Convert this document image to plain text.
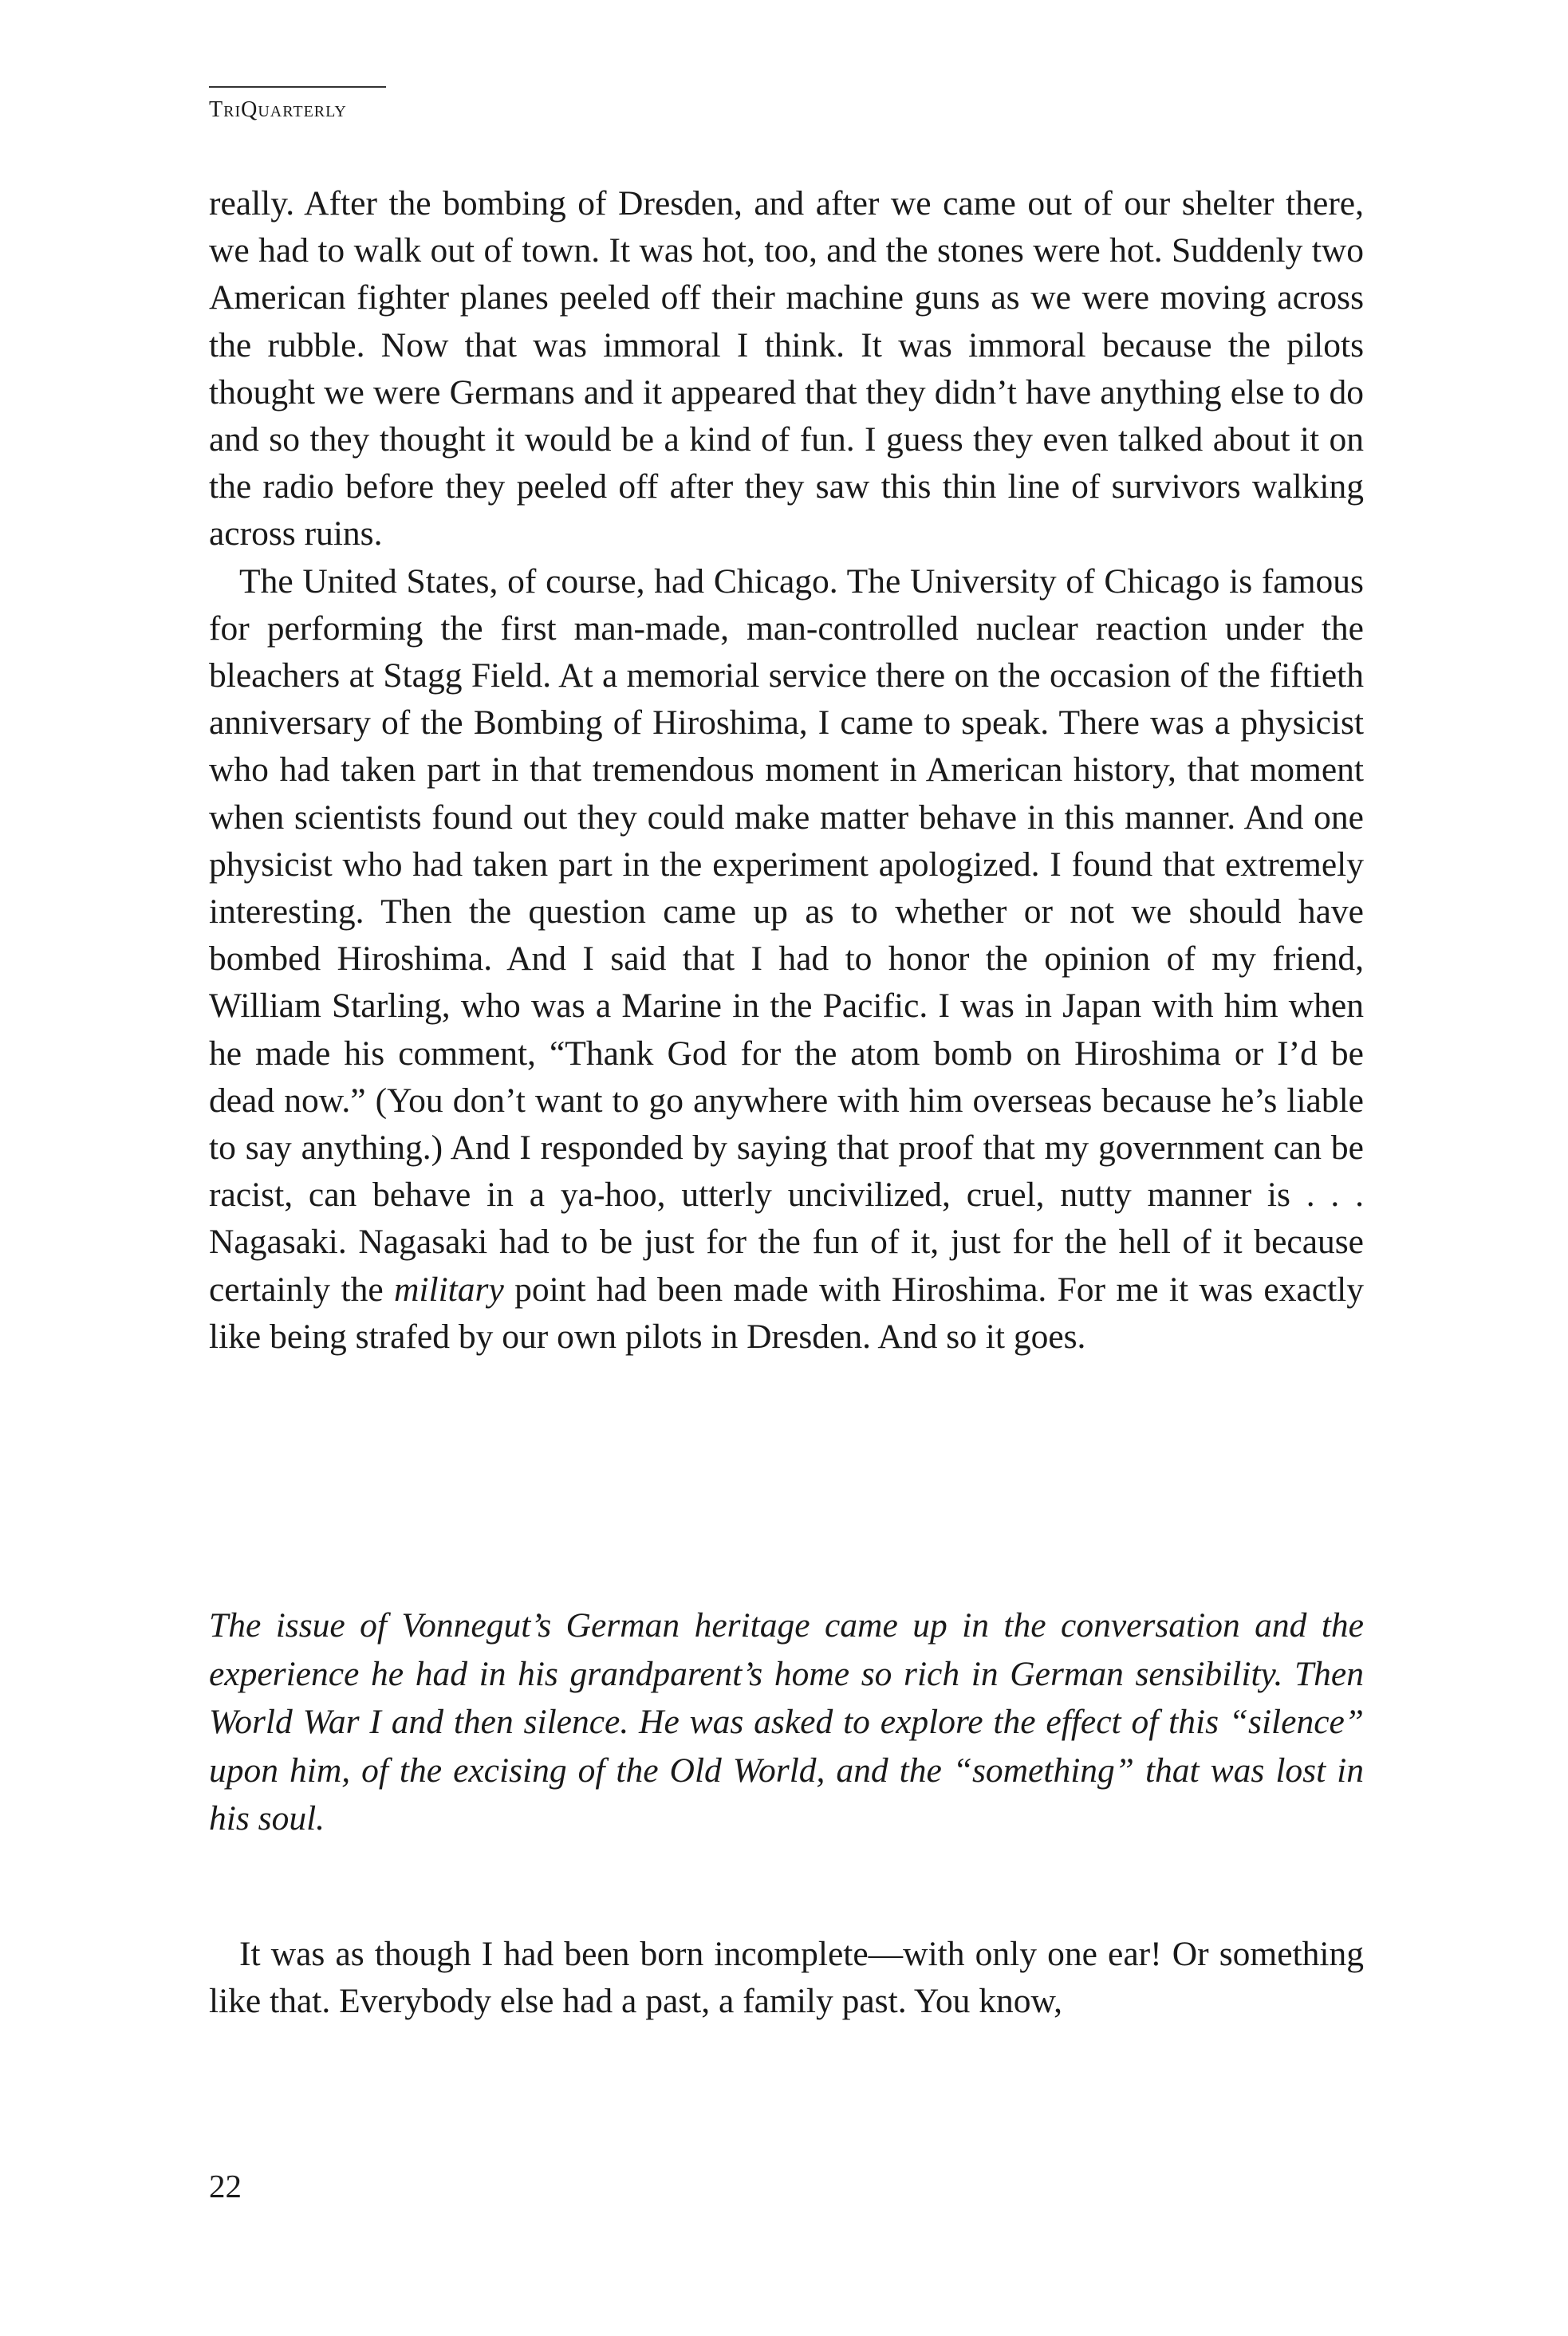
TriQuarterly

really. After the bombing of Dresden, and after we came out of our shelter there, we had to walk out of town. It was hot, too, and the stones were hot. Suddenly two American fighter planes peeled off their machine guns as we were moving across the rubble. Now that was immoral I think. It was immoral because the pilots thought we were Germans and it appeared that they didn’t have anything else to do and so they thought it would be a kind of fun. I guess they even talked about it on the radio before they peeled off after they saw this thin line of survivors walking across ruins.

The United States, of course, had Chicago. The University of Chicago is famous for performing the first man-made, man-controlled nuclear reaction under the bleachers at Stagg Field. At a memorial service there on the occasion of the fiftieth anniversary of the Bombing of Hiroshima, I came to speak. There was a physicist who had taken part in that tremendous moment in American history, that moment when scientists found out they could make matter behave in this manner. And one physicist who had taken part in the experiment apologized. I found that extremely interesting. Then the question came up as to whether or not we should have bombed Hiroshima. And I said that I had to honor the opinion of my friend, William Starling, who was a Marine in the Pacific. I was in Japan with him when he made his comment, “Thank God for the atom bomb on Hiroshima or I’d be dead now.” (You don’t want to go anywhere with him overseas because he’s liable to say anything.) And I responded by saying that proof that my government can be racist, can behave in a ya-hoo, utterly uncivilized, cruel, nutty manner is . . . Nagasaki. Nagasaki had to be just for the fun of it, just for the hell of it because certainly the military point had been made with Hiroshima. For me it was exactly like being strafed by our own pilots in Dresden. And so it goes.

The issue of Vonnegut’s German heritage came up in the conversation and the experience he had in his grandparent’s home so rich in German sensibility. Then World War I and then silence. He was asked to explore the effect of this “silence” upon him, of the excising of the Old World, and the “something” that was lost in his soul.

It was as though I had been born incomplete—with only one ear! Or something like that. Everybody else had a past, a family past. You know,

22
